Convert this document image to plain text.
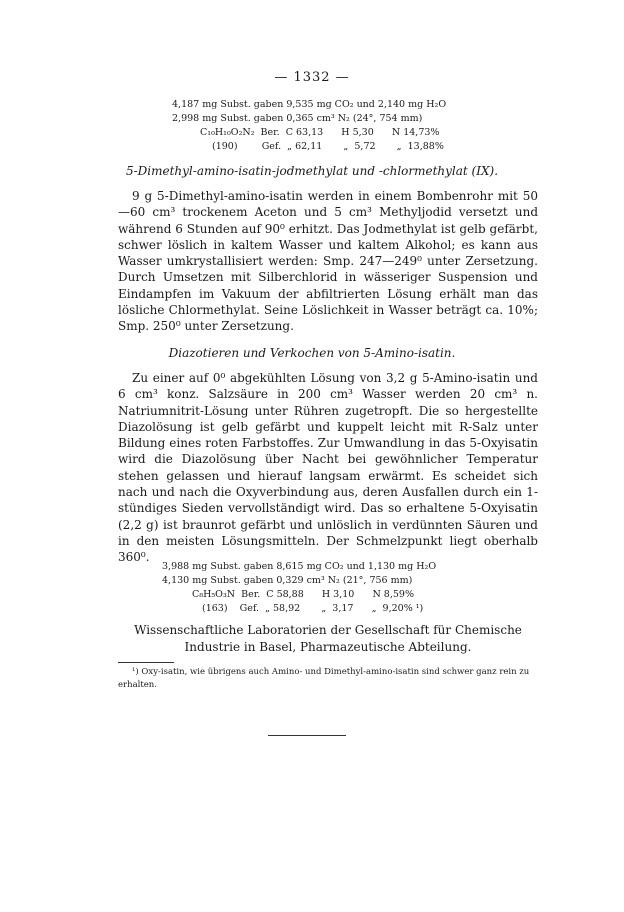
— 1332 —
4,187 mg Subst. gaben 9,535 mg CO₂ und 2,140 mg H₂O
2,998 mg Subst. gaben 0,365 cm³ N₂ (24°, 754 mm)
C₁₀H₁₀O₂N₂  Ber.  C 63,13      H 5,30      N 14,73%
(190)        Gef.  „ 62,11       „  5,72       „  13,88%
5-Dimethyl-amino-isatin-jodmethylat und -chlormethylat (IX).

9 g 5-Dimethyl-amino-isatin werden in einem Bombenrohr mit 50—60 cm³ trockenem Aceton und 5 cm³ Methyljodid versetzt und während 6 Stunden auf 90⁰ erhitzt. Das Jodmethylat ist gelb gefärbt, schwer löslich in kaltem Wasser und kaltem Alkohol; es kann aus Wasser umkrystallisiert werden: Smp. 247—249⁰ unter Zersetzung. Durch Umsetzen mit Silberchlorid in wässeriger Suspension und Eindampfen im Vakuum der abfiltrierten Lösung erhält man das lösliche Chlormethylat. Seine Löslichkeit in Wasser beträgt ca. 10%; Smp. 250⁰ unter Zersetzung.

Diazotieren und Verkochen von 5-Amino-isatin.

Zu einer auf 0⁰ abgekühlten Lösung von 3,2 g 5-Amino-isatin und 6 cm³ konz. Salzsäure in 200 cm³ Wasser werden 20 cm³ n. Natriumnitrit-Lösung unter Rühren zugetropft. Die so hergestellte Diazolösung ist gelb gefärbt und kuppelt leicht mit R-Salz unter Bildung eines roten Farbstoffes. Zur Umwandlung in das 5-Oxyisatin wird die Diazolösung über Nacht bei gewöhnlicher Temperatur stehen gelassen und hierauf langsam erwärmt. Es scheidet sich nach und nach die Oxyverbindung aus, deren Ausfallen durch ein 1-stündiges Sieden vervollständigt wird. Das so erhaltene 5-Oxyisatin (2,2 g) ist braunrot gefärbt und unlöslich in verdünnten Säuren und in den meisten Lösungsmitteln. Der Schmelzpunkt liegt oberhalb 360⁰.

3,988 mg Subst. gaben 8,615 mg CO₂ und 1,130 mg H₂O
4,130 mg Subst. gaben 0,329 cm³ N₂ (21°, 756 mm)
C₈H₅O₃N  Ber.  C 58,88      H 3,10      N 8,59%
(163)    Gef.  „ 58,92       „  3,17      „  9,20% ¹)
Wissenschaftliche Laboratorien der Gesellschaft für Chemische
Industrie in Basel, Pharmazeutische Abteilung.
¹) Oxy-isatin, wie übrigens auch Amino- und Dimethyl-amino-isatin sind schwer ganz rein zu erhalten.
